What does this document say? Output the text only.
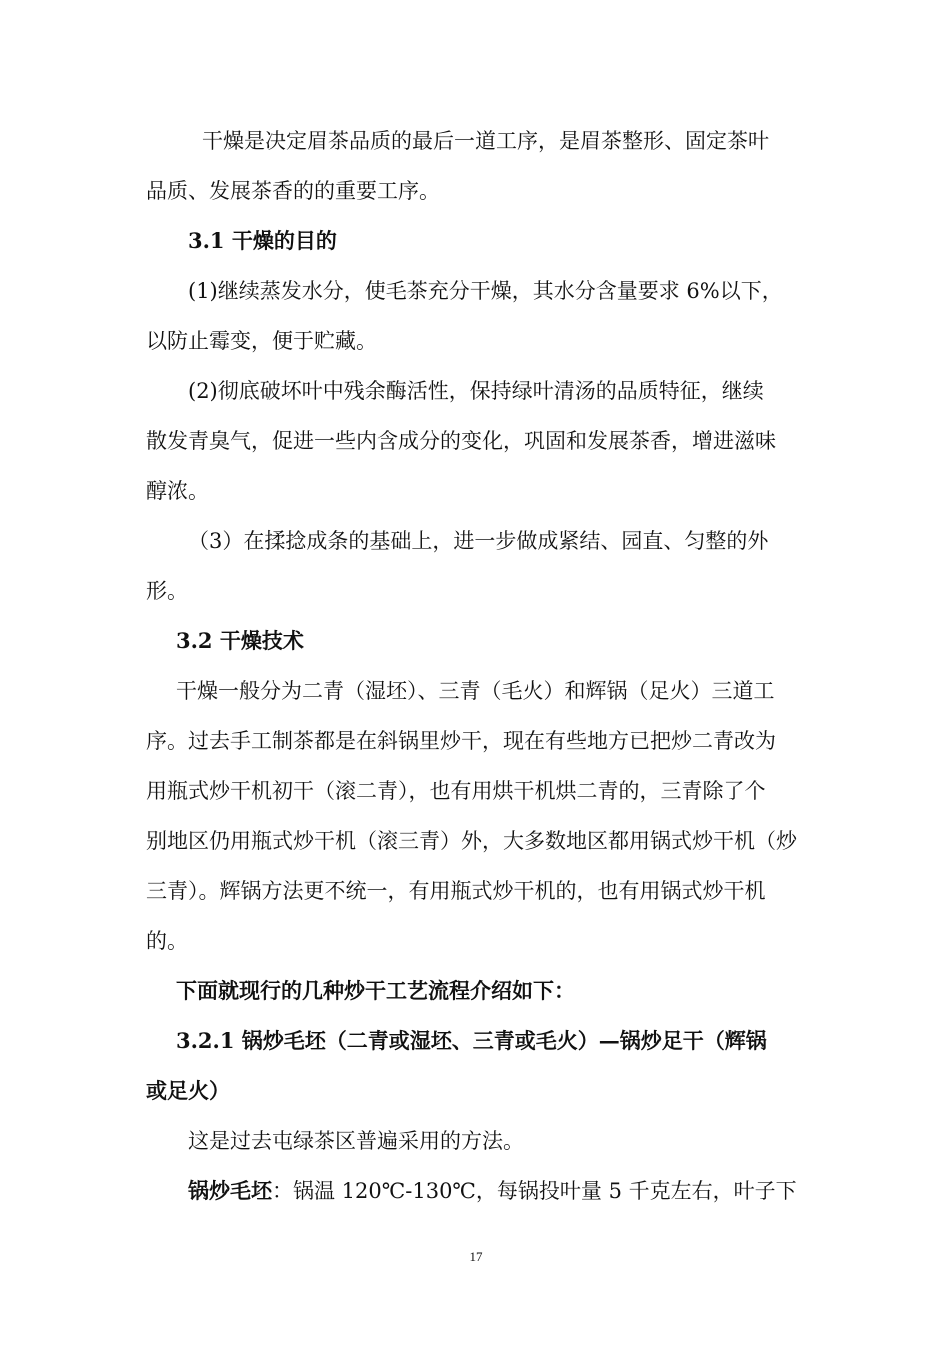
干燥是决定眉茶品质的最后一道工序，是眉茶整形、固定茶叶
品质、发展茶香的的重要工序。
3.1 干燥的目的
(1)继续蒸发水分，使毛茶充分干燥，其水分含量要求 6%以下，
以防止霉变，便于贮藏。
(2)彻底破坏叶中残余酶活性，保持绿叶清汤的品质特征，继续
散发青臭气，促进一些内含成分的变化，巩固和发展茶香，增进滋味
醇浓。
（3）在揉捻成条的基础上，进一步做成紧结、园直、匀整的外
形。
3.2 干燥技术
干燥一般分为二青（湿坯）、三青（毛火）和辉锅（足火）三道工
序。过去手工制茶都是在斜锅里炒干，现在有些地方已把炒二青改为
用瓶式炒干机初干（滚二青），也有用烘干机烘二青的，三青除了个
别地区仍用瓶式炒干机（滚三青）外，大多数地区都用锅式炒干机（炒
三青）。辉锅方法更不统一，有用瓶式炒干机的，也有用锅式炒干机
的。
下面就现行的几种炒干工艺流程介绍如下：
3.2.1 锅炒毛坯（二青或湿坯、三青或毛火）—锅炒足干（辉锅
或足火）
这是过去屯绿茶区普遍采用的方法。
锅炒毛坯：锅温 120℃-130℃，每锅投叶量 5 千克左右，叶子下
17
